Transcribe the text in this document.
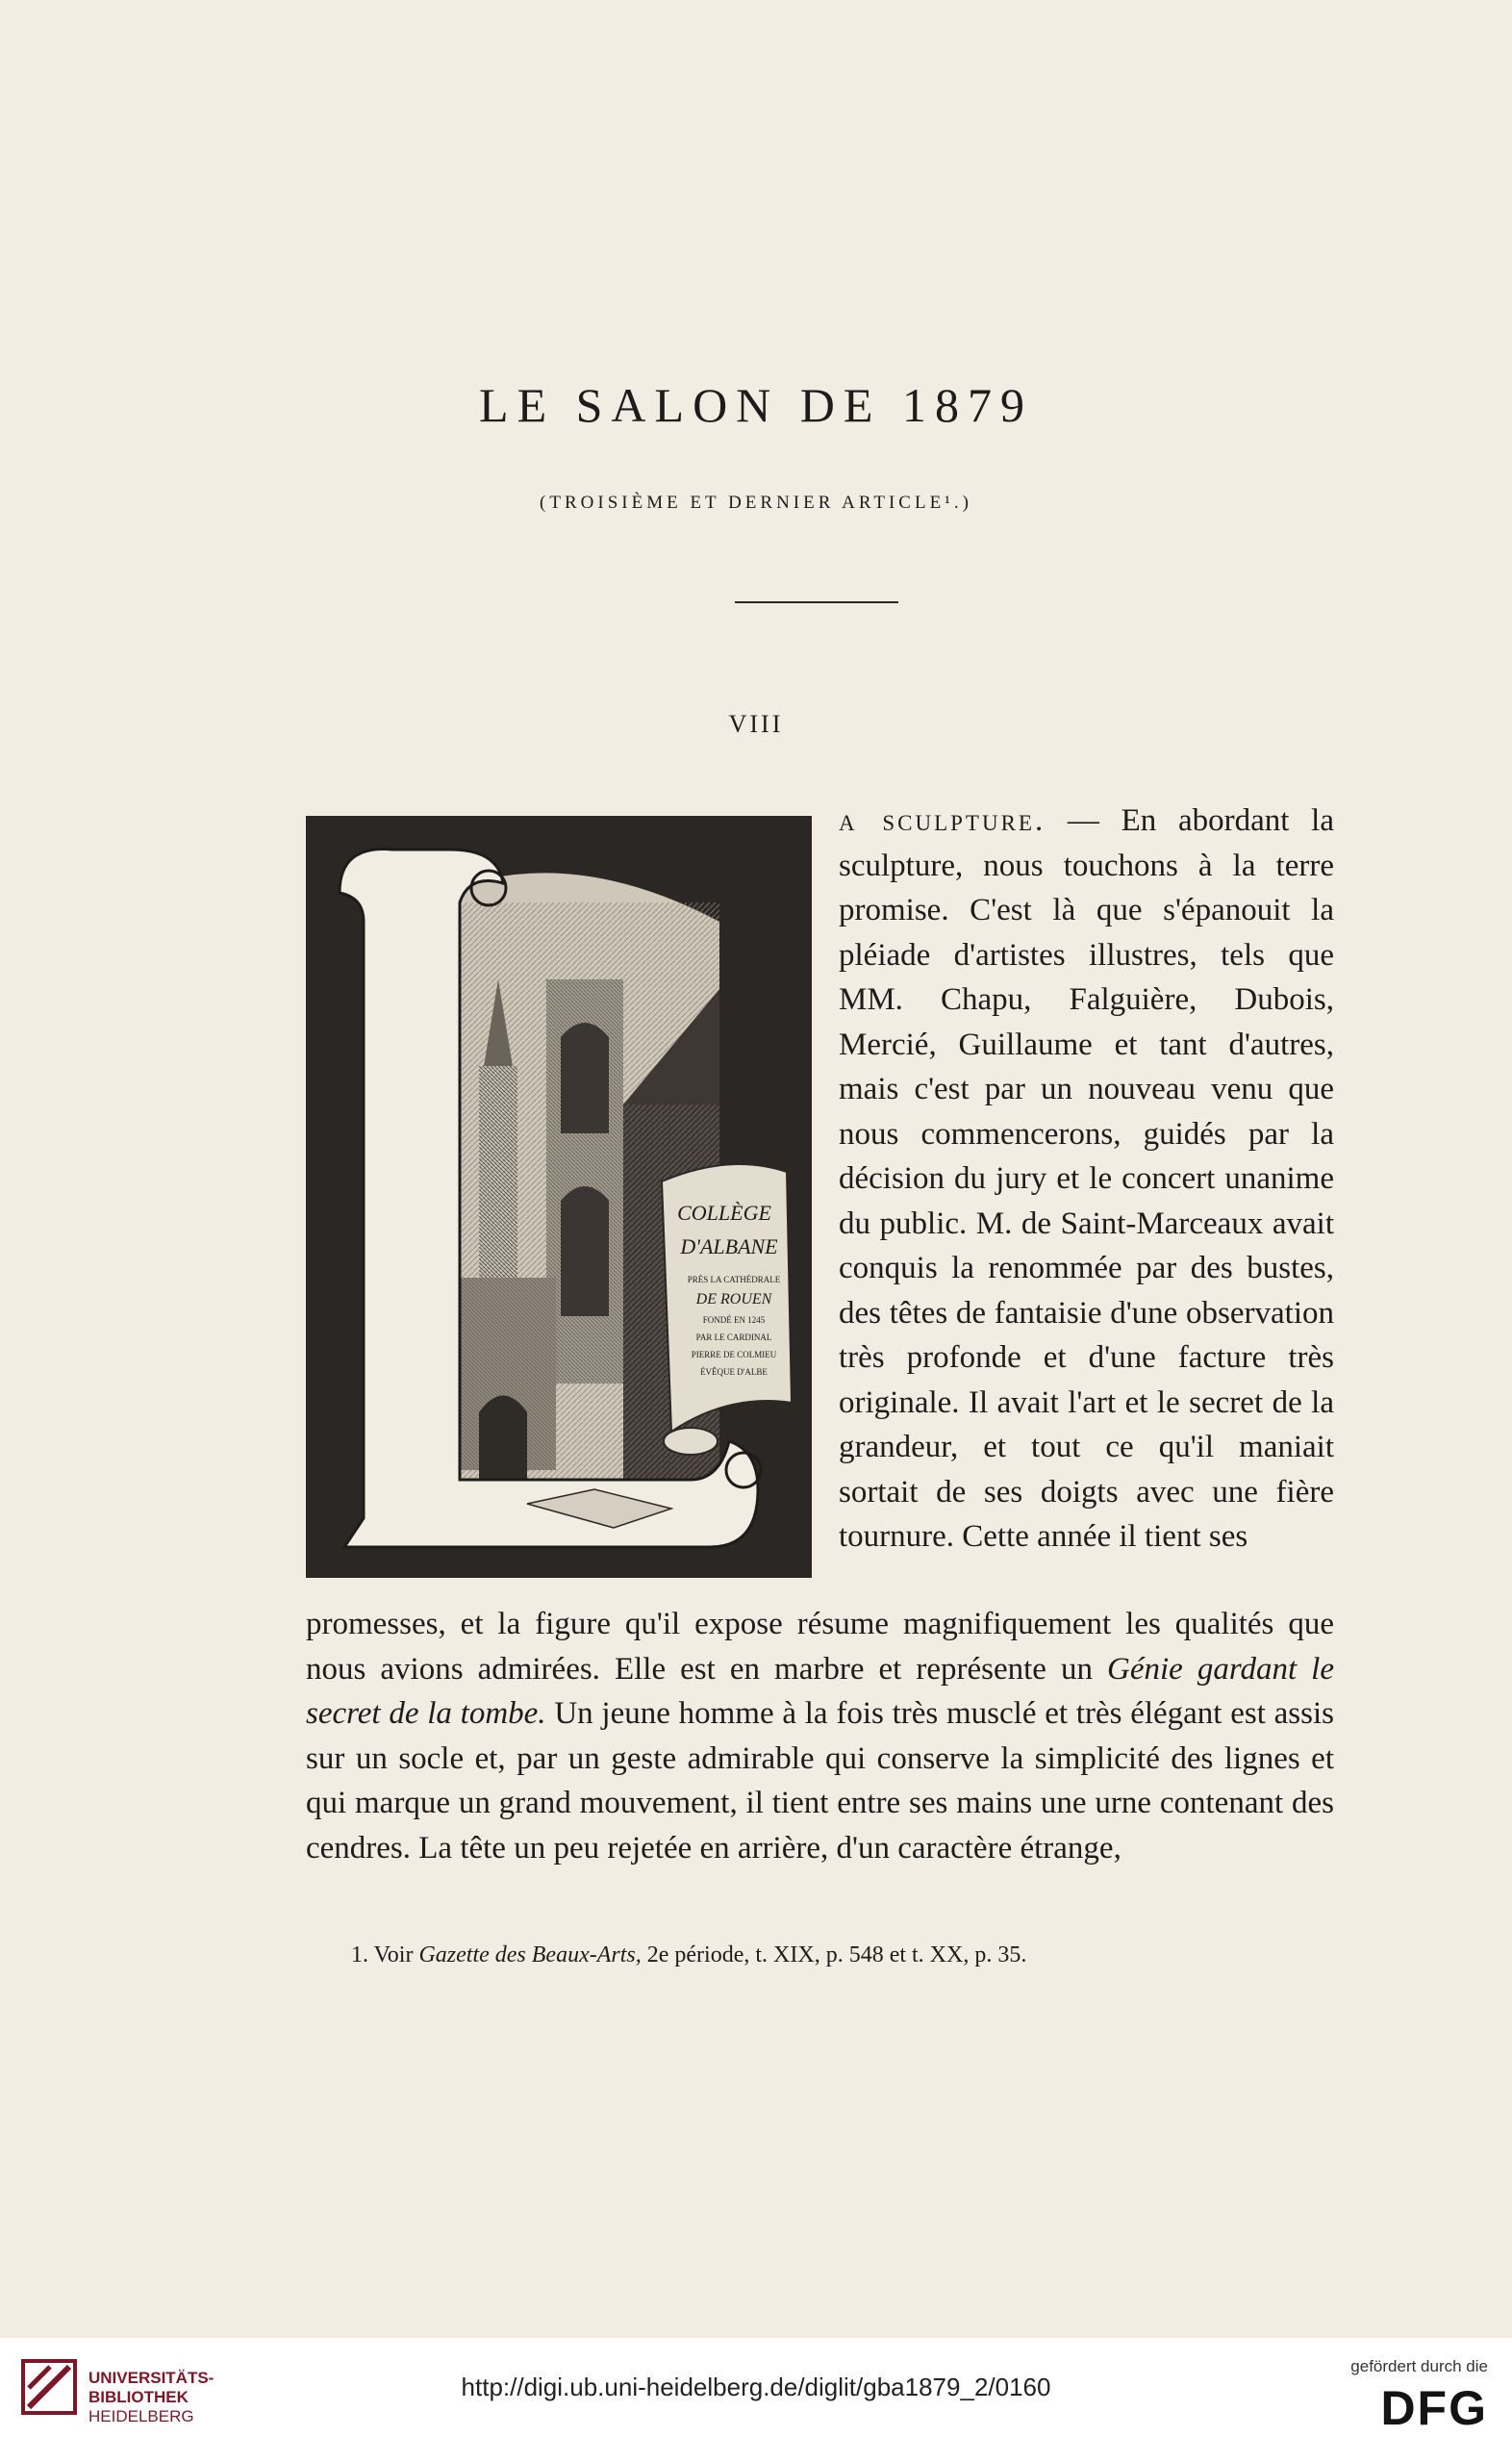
LE SALON DE 1879
(TROISIÈME ET DERNIER ARTICLE¹.)
VIII
COLLÈGE
D'ALBANE
PRÈS LA CATHÉDRALE
DE ROUEN
FONDÉ EN 1245
PAR LE CARDINAL
PIERRE DE COLMIEU
ÉVÊQUE D'ALBE
a sculpture. — En abordant la sculpture, nous touchons à la terre promise. C'est là que s'épanouit la pléiade d'artistes illustres, tels que MM. Chapu, Falguière, Dubois, Mercié, Guillaume et tant d'autres, mais c'est par un nouveau venu que nous commencerons, guidés par la décision du jury et le concert unanime du public. M. de Saint-Marceaux avait conquis la renommée par des bustes, des têtes de fantaisie d'une observation très profonde et d'une facture très originale. Il avait l'art et le secret de la grandeur, et tout ce qu'il maniait sortait de ses doigts avec une fière tournure. Cette année il tient ses
promesses, et la figure qu'il expose résume magnifiquement les qualités que nous avions admirées. Elle est en marbre et représente un Génie gardant le secret de la tombe. Un jeune homme à la fois très musclé et très élégant est assis sur un socle et, par un geste admirable qui conserve la simplicité des lignes et qui marque un grand mouvement, il tient entre ses mains une urne contenant des cendres. La tête un peu rejetée en arrière, d'un caractère étrange,
1. Voir Gazette des Beaux-Arts, 2e période, t. XIX, p. 548 et t. XX, p. 35.
UNIVERSITÄTS-
BIBLIOTHEK
HEIDELBERG
http://digi.ub.uni-heidelberg.de/diglit/gba1879_2/0160
gefördert durch die
DFG
